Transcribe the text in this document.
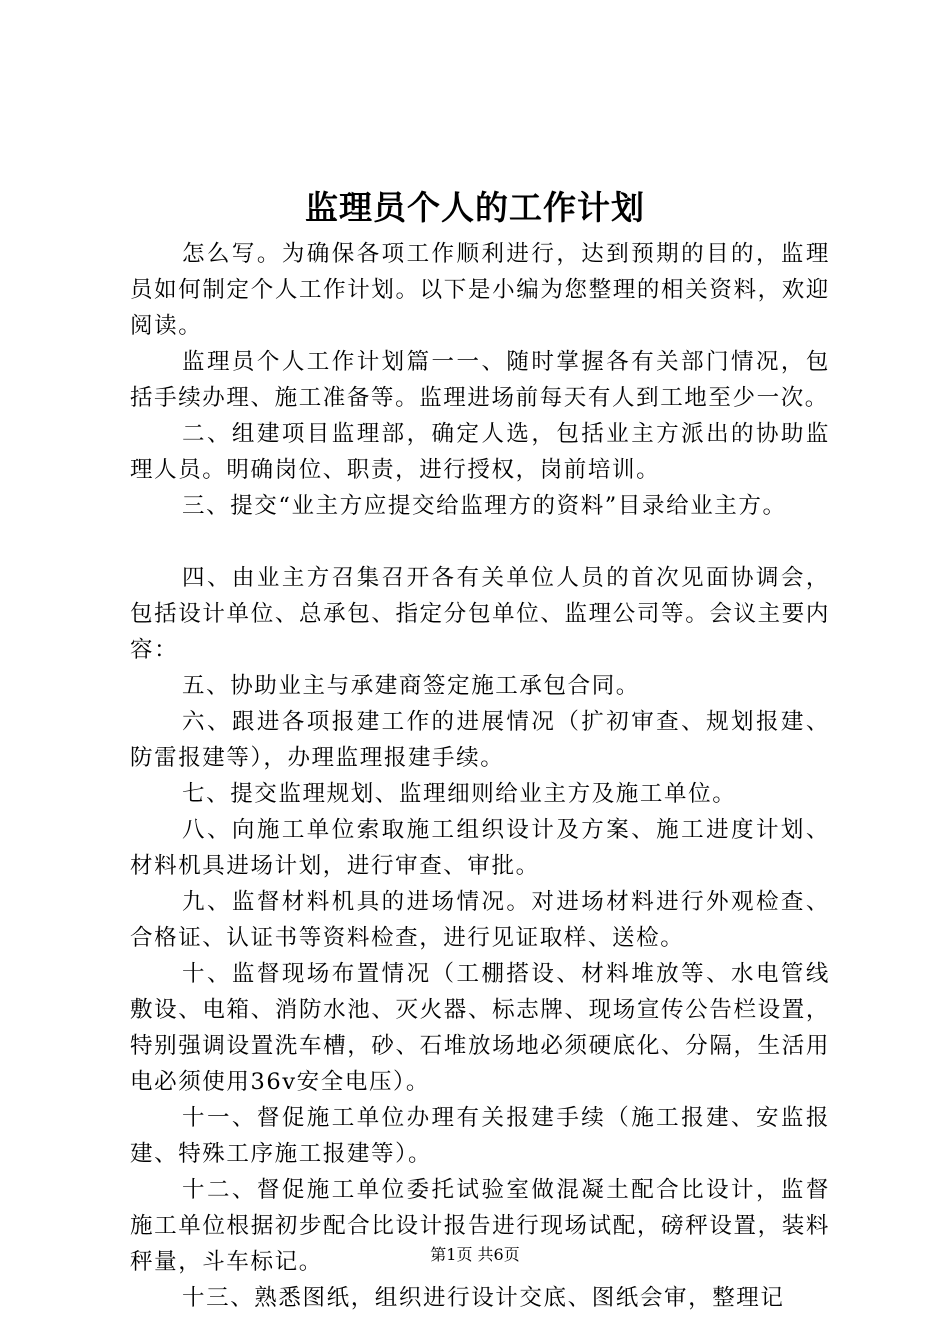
监理员个人的工作计划

怎么写。为确保各项工作顺利进行，达到预期的目的，监理员如何制定个人工作计划。以下是小编为您整理的相关资料，欢迎阅读。

监理员个人工作计划篇一一、随时掌握各有关部门情况，包括手续办理、施工准备等。监理进场前每天有人到工地至少一次。

二、组建项目监理部，确定人选，包括业主方派出的协助监理人员。明确岗位、职责，进行授权，岗前培训。

三、提交“业主方应提交给监理方的资料”目录给业主方。

四、由业主方召集召开各有关单位人员的首次见面协调会，包括设计单位、总承包、指定分包单位、监理公司等。会议主要内容：

五、协助业主与承建商签定施工承包合同。

六、跟进各项报建工作的进展情况（扩初审查、规划报建、防雷报建等），办理监理报建手续。

七、提交监理规划、监理细则给业主方及施工单位。

八、向施工单位索取施工组织设计及方案、施工进度计划、材料机具进场计划，进行审查、审批。

九、监督材料机具的进场情况。对进场材料进行外观检查、合格证、认证书等资料检查，进行见证取样、送检。

十、监督现场布置情况（工棚搭设、材料堆放等、水电管线敷设、电箱、消防水池、灭火器、标志牌、现场宣传公告栏设置，特别强调设置洗车槽，砂、石堆放场地必须硬底化、分隔，生活用电必须使用36v安全电压）。

十一、督促施工单位办理有关报建手续（施工报建、安监报建、特殊工序施工报建等）。

十二、督促施工单位委托试验室做混凝土配合比设计，监督施工单位根据初步配合比设计报告进行现场试配，磅秤设置，装料秤量，斗车标记。

十三、熟悉图纸，组织进行设计交底、图纸会审，整理记

第1页 共6页
